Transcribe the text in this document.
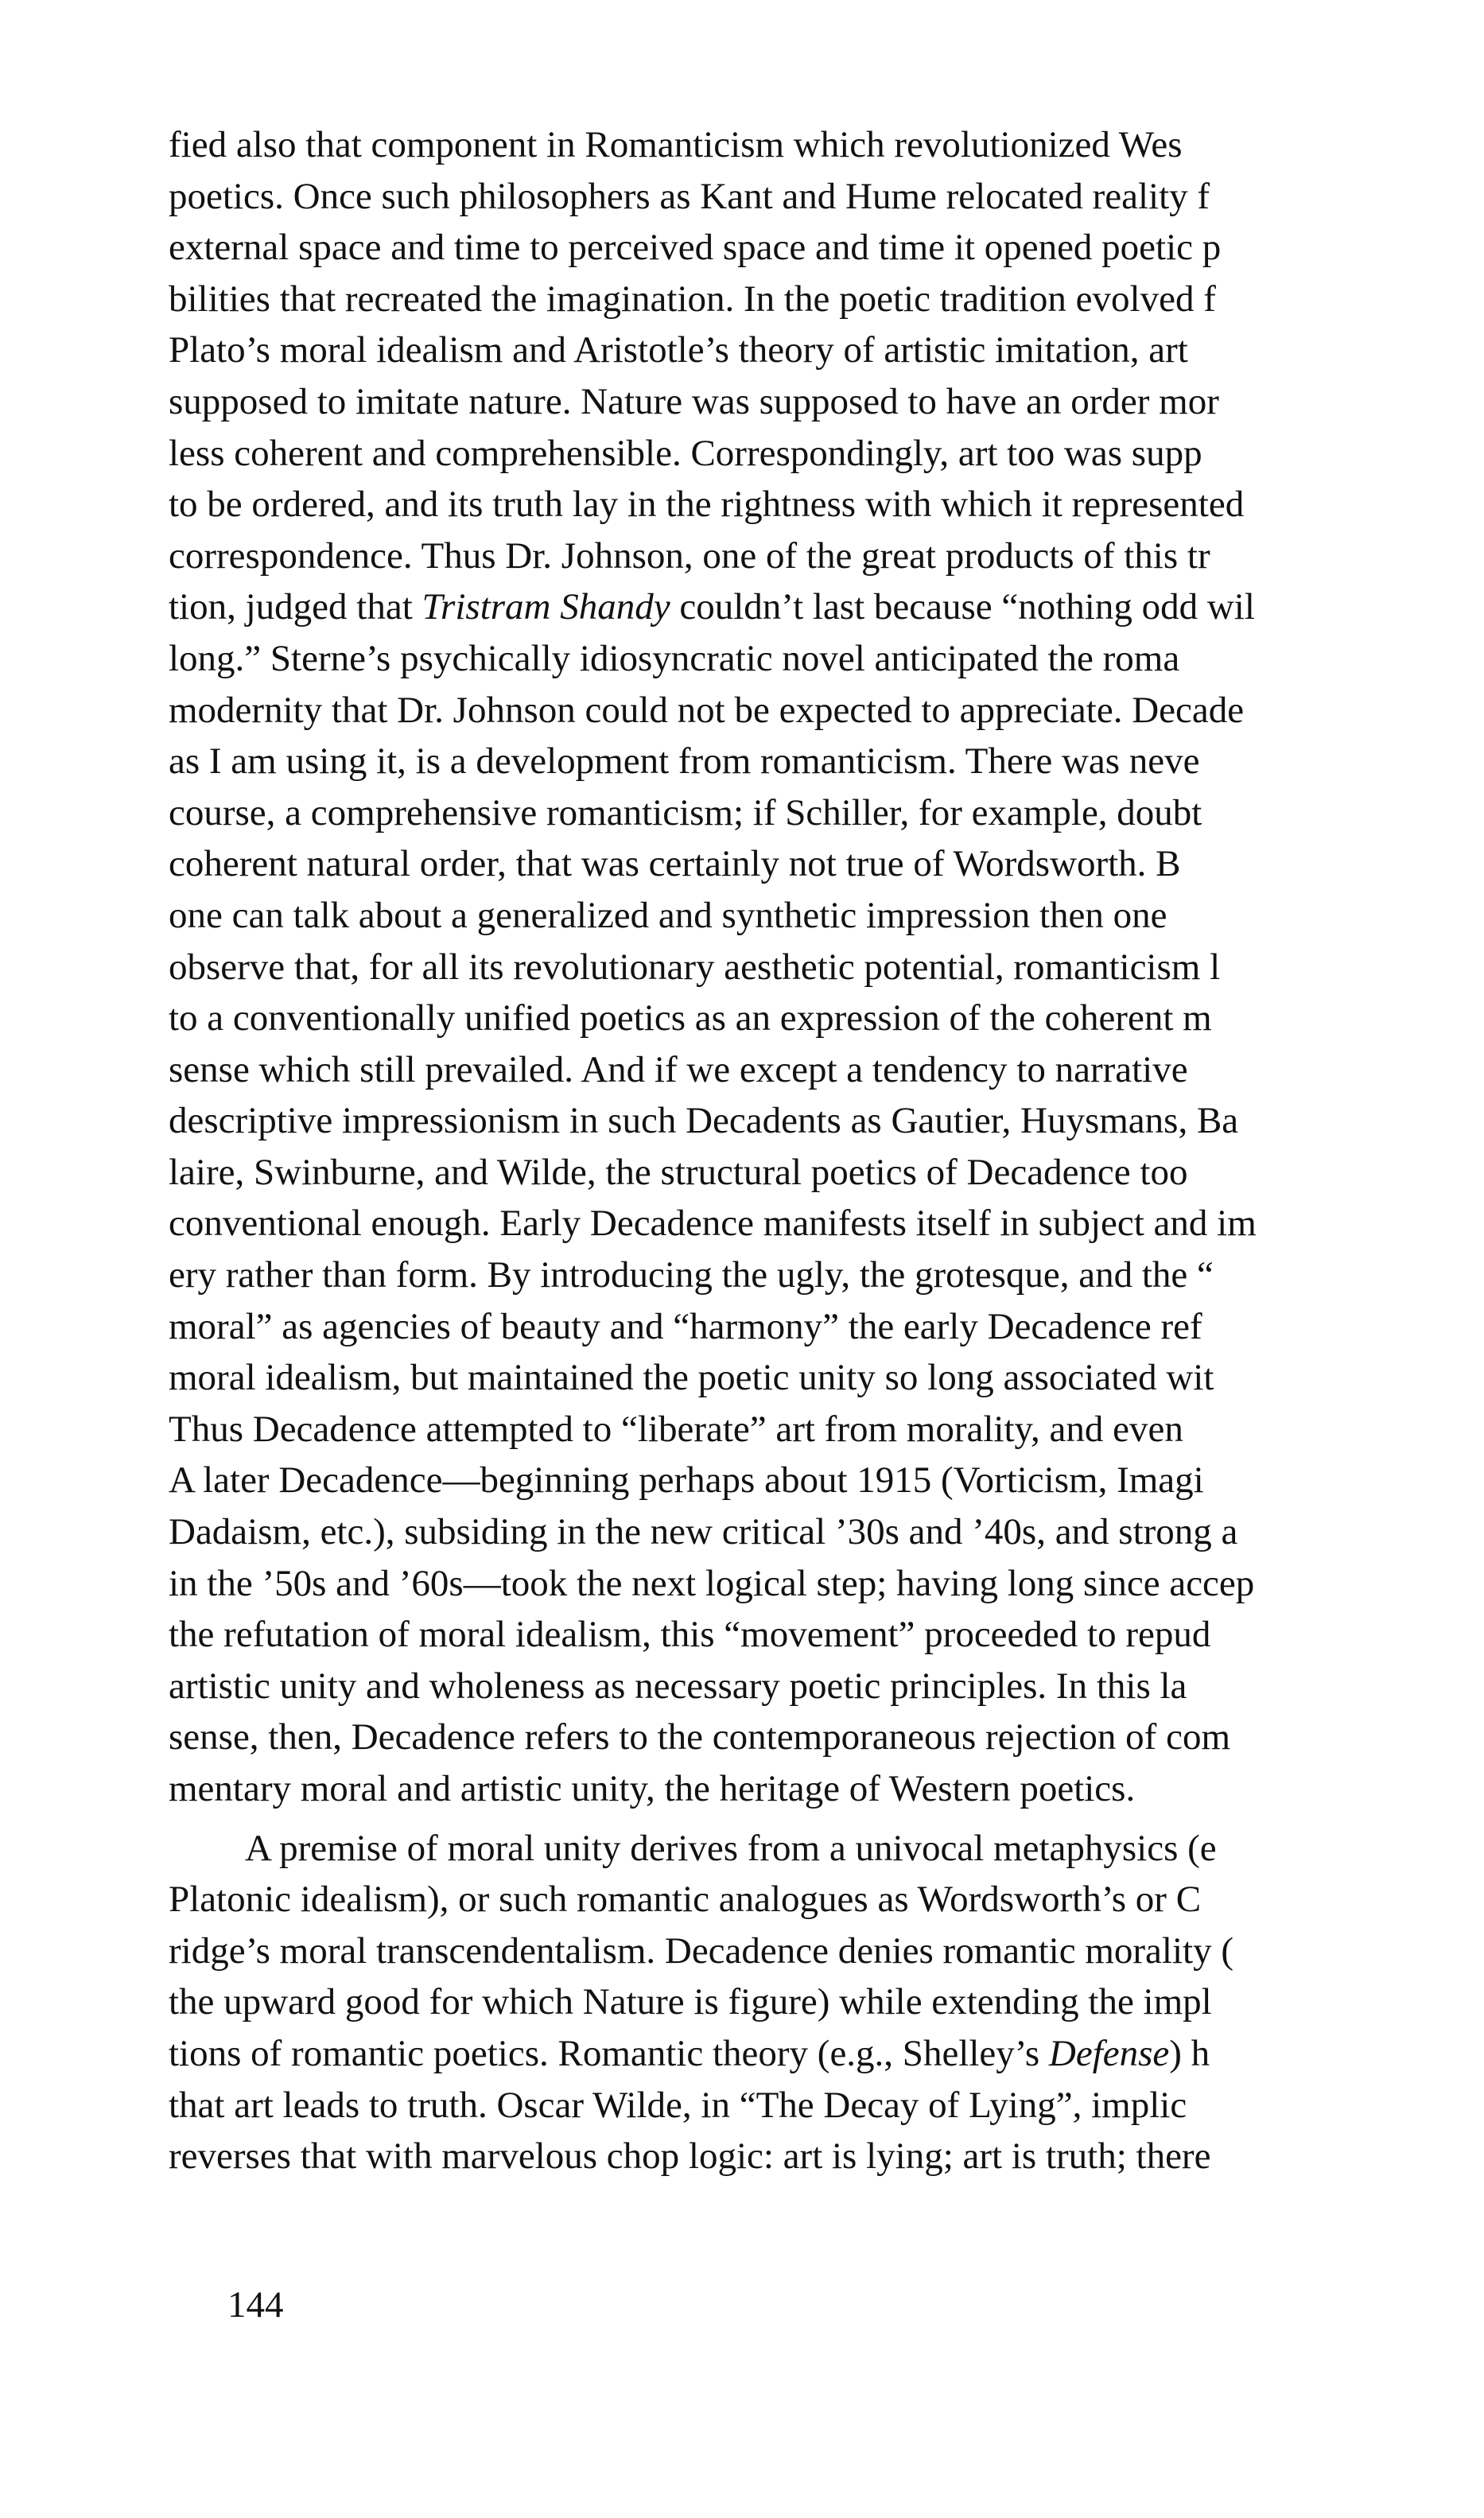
fied also that component in Romanticism which revolutionized Wes
poetics. Once such philosophers as Kant and Hume relocated reality f
external space and time to perceived space and time it opened poetic p
bilities that recreated the imagination. In the poetic tradition evolved f
Plato’s moral idealism and Aristotle’s theory of artistic imitation, art
supposed to imitate nature. Nature was supposed to have an order mor
less coherent and comprehensible. Correspondingly, art too was supp
to be ordered, and its truth lay in the rightness with which it represented
correspondence. Thus Dr. Johnson, one of the great products of this tr
tion, judged that Tristram Shandy couldn’t last because “nothing odd wil
long.” Sterne’s psychically idiosyncratic novel anticipated the roma
modernity that Dr. Johnson could not be expected to appreciate. Decade
as I am using it, is a development from romanticism. There was neve
course, a comprehensive romanticism; if Schiller, for example, doubt
coherent natural order, that was certainly not true of Wordsworth. B
one can talk about a generalized and synthetic impression then one
observe that, for all its revolutionary aesthetic potential, romanticism l
to a conventionally unified poetics as an expression of the coherent m
sense which still prevailed. And if we except a tendency to narrative
descriptive impressionism in such Decadents as Gautier, Huysmans, Ba
laire, Swinburne, and Wilde, the structural poetics of Decadence too
conventional enough. Early Decadence manifests itself in subject and im
ery rather than form. By introducing the ugly, the grotesque, and the “
moral” as agencies of beauty and “harmony” the early Decadence ref
moral idealism, but maintained the poetic unity so long associated wit
Thus Decadence attempted to “liberate” art from morality, and even
A later Decadence—beginning perhaps about 1915 (Vorticism, Imagi
Dadaism, etc.), subsiding in the new critical ’30s and ’40s, and strong a
in the ’50s and ’60s—took the next logical step; having long since accep
the refutation of moral idealism, this “movement” proceeded to repud
artistic unity and wholeness as necessary poetic principles. In this la
sense, then, Decadence refers to the contemporaneous rejection of com
mentary moral and artistic unity, the heritage of Western poetics.
A premise of moral unity derives from a univocal metaphysics (e
Platonic idealism), or such romantic analogues as Wordsworth’s or C
ridge’s moral transcendentalism. Decadence denies romantic morality (
the upward good for which Nature is figure) while extending the impl
tions of romantic poetics. Romantic theory (e.g., Shelley’s Defense) h
that art leads to truth. Oscar Wilde, in “The Decay of Lying”, implic
reverses that with marvelous chop logic: art is lying; art is truth; there
144
